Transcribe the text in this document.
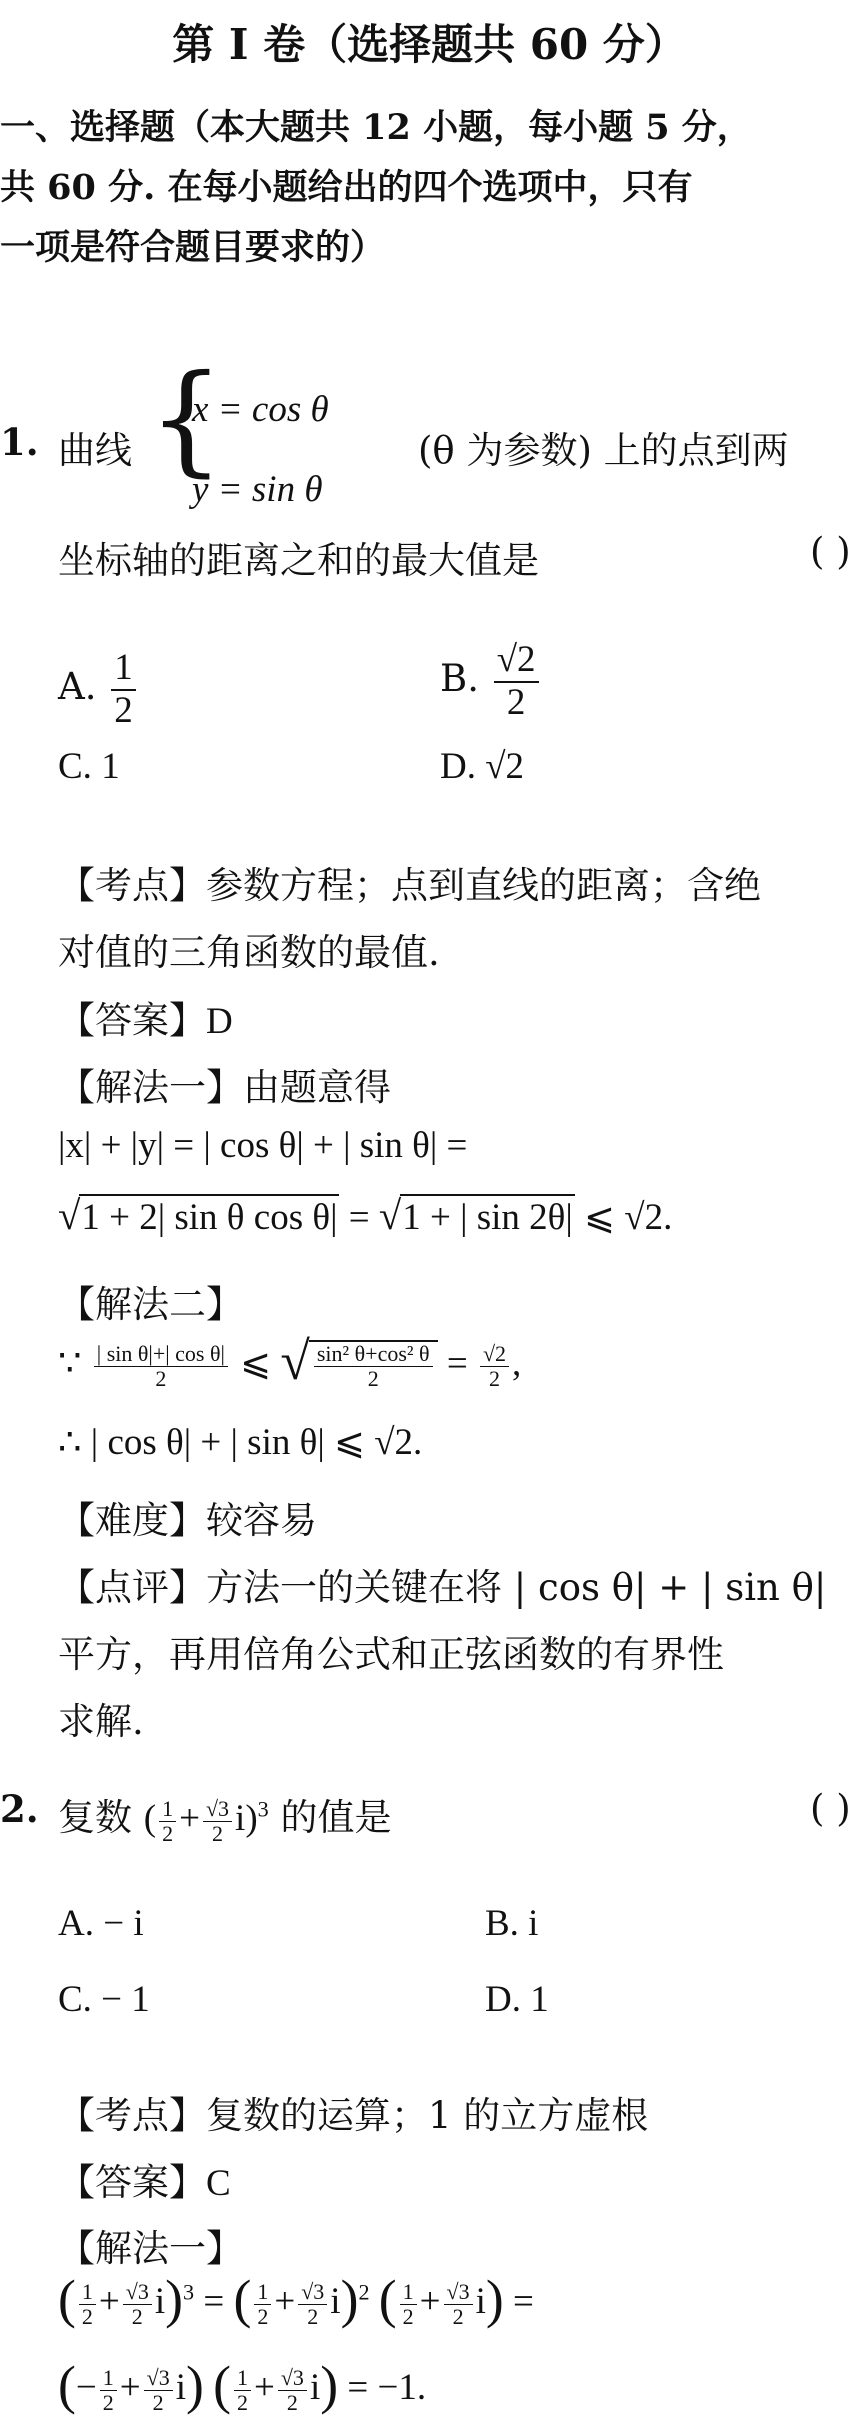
第 I 卷（选择题共 60 分）
一、选择题（本大题共 12 小题，每小题 5 分，
共 60 分. 在每小题给出的四个选项中，只有
一项是符合题目要求的）
1. 曲线 {
x = cos θ
y = sin θ
(θ 为参数) 上的点到两
坐标轴的距离之和的最大值是	( )
A. $\frac{1}{2}$	B. $\frac{√2}{2}$
C. 1	D. √2
【考点】参数方程；点到直线的距离；含绝
对值的三角函数的最值.
【答案】D
【解法一】由题意得
|x| + |y| = | cos θ| + | sin θ| =
√1 + 2| sin θ cos θ| = √1 + | sin 2θ| ⩽ √2.
【解法二】
∵ $\frac{\text{| sin θ|+| cos θ|}}{2}$ ⩽ √ $\frac{\text{sin² θ+cos² θ}}{2} = \frac{√2}{2}$ ,
∴ | cos θ| + | sin θ| ⩽ √2.
【难度】较容易
【点评】方法一的关键在将 | cos θ| + | sin θ|
平方，再用倍角公式和正弦函数的有界性
求解.
2. 复数 ( $\frac{1}{2} + \frac{√3}{2} i)^3$ 的值是	( )
A. − i	B. i
C. − 1	D. 1
【考点】复数的运算；1 的立方虚根
【答案】C
【解法一】
( $\frac{1}{2} + \frac{√3}{2} i)^3$ = ( $\frac{1}{2} + \frac{√3}{2} i)^2$ ( $\frac{1}{2} + \frac{√3}{2} i$) =
(− $\frac{1}{2} + \frac{√3}{2} i$) ( $\frac{1}{2} + \frac{√3}{2} i) = -1$.
